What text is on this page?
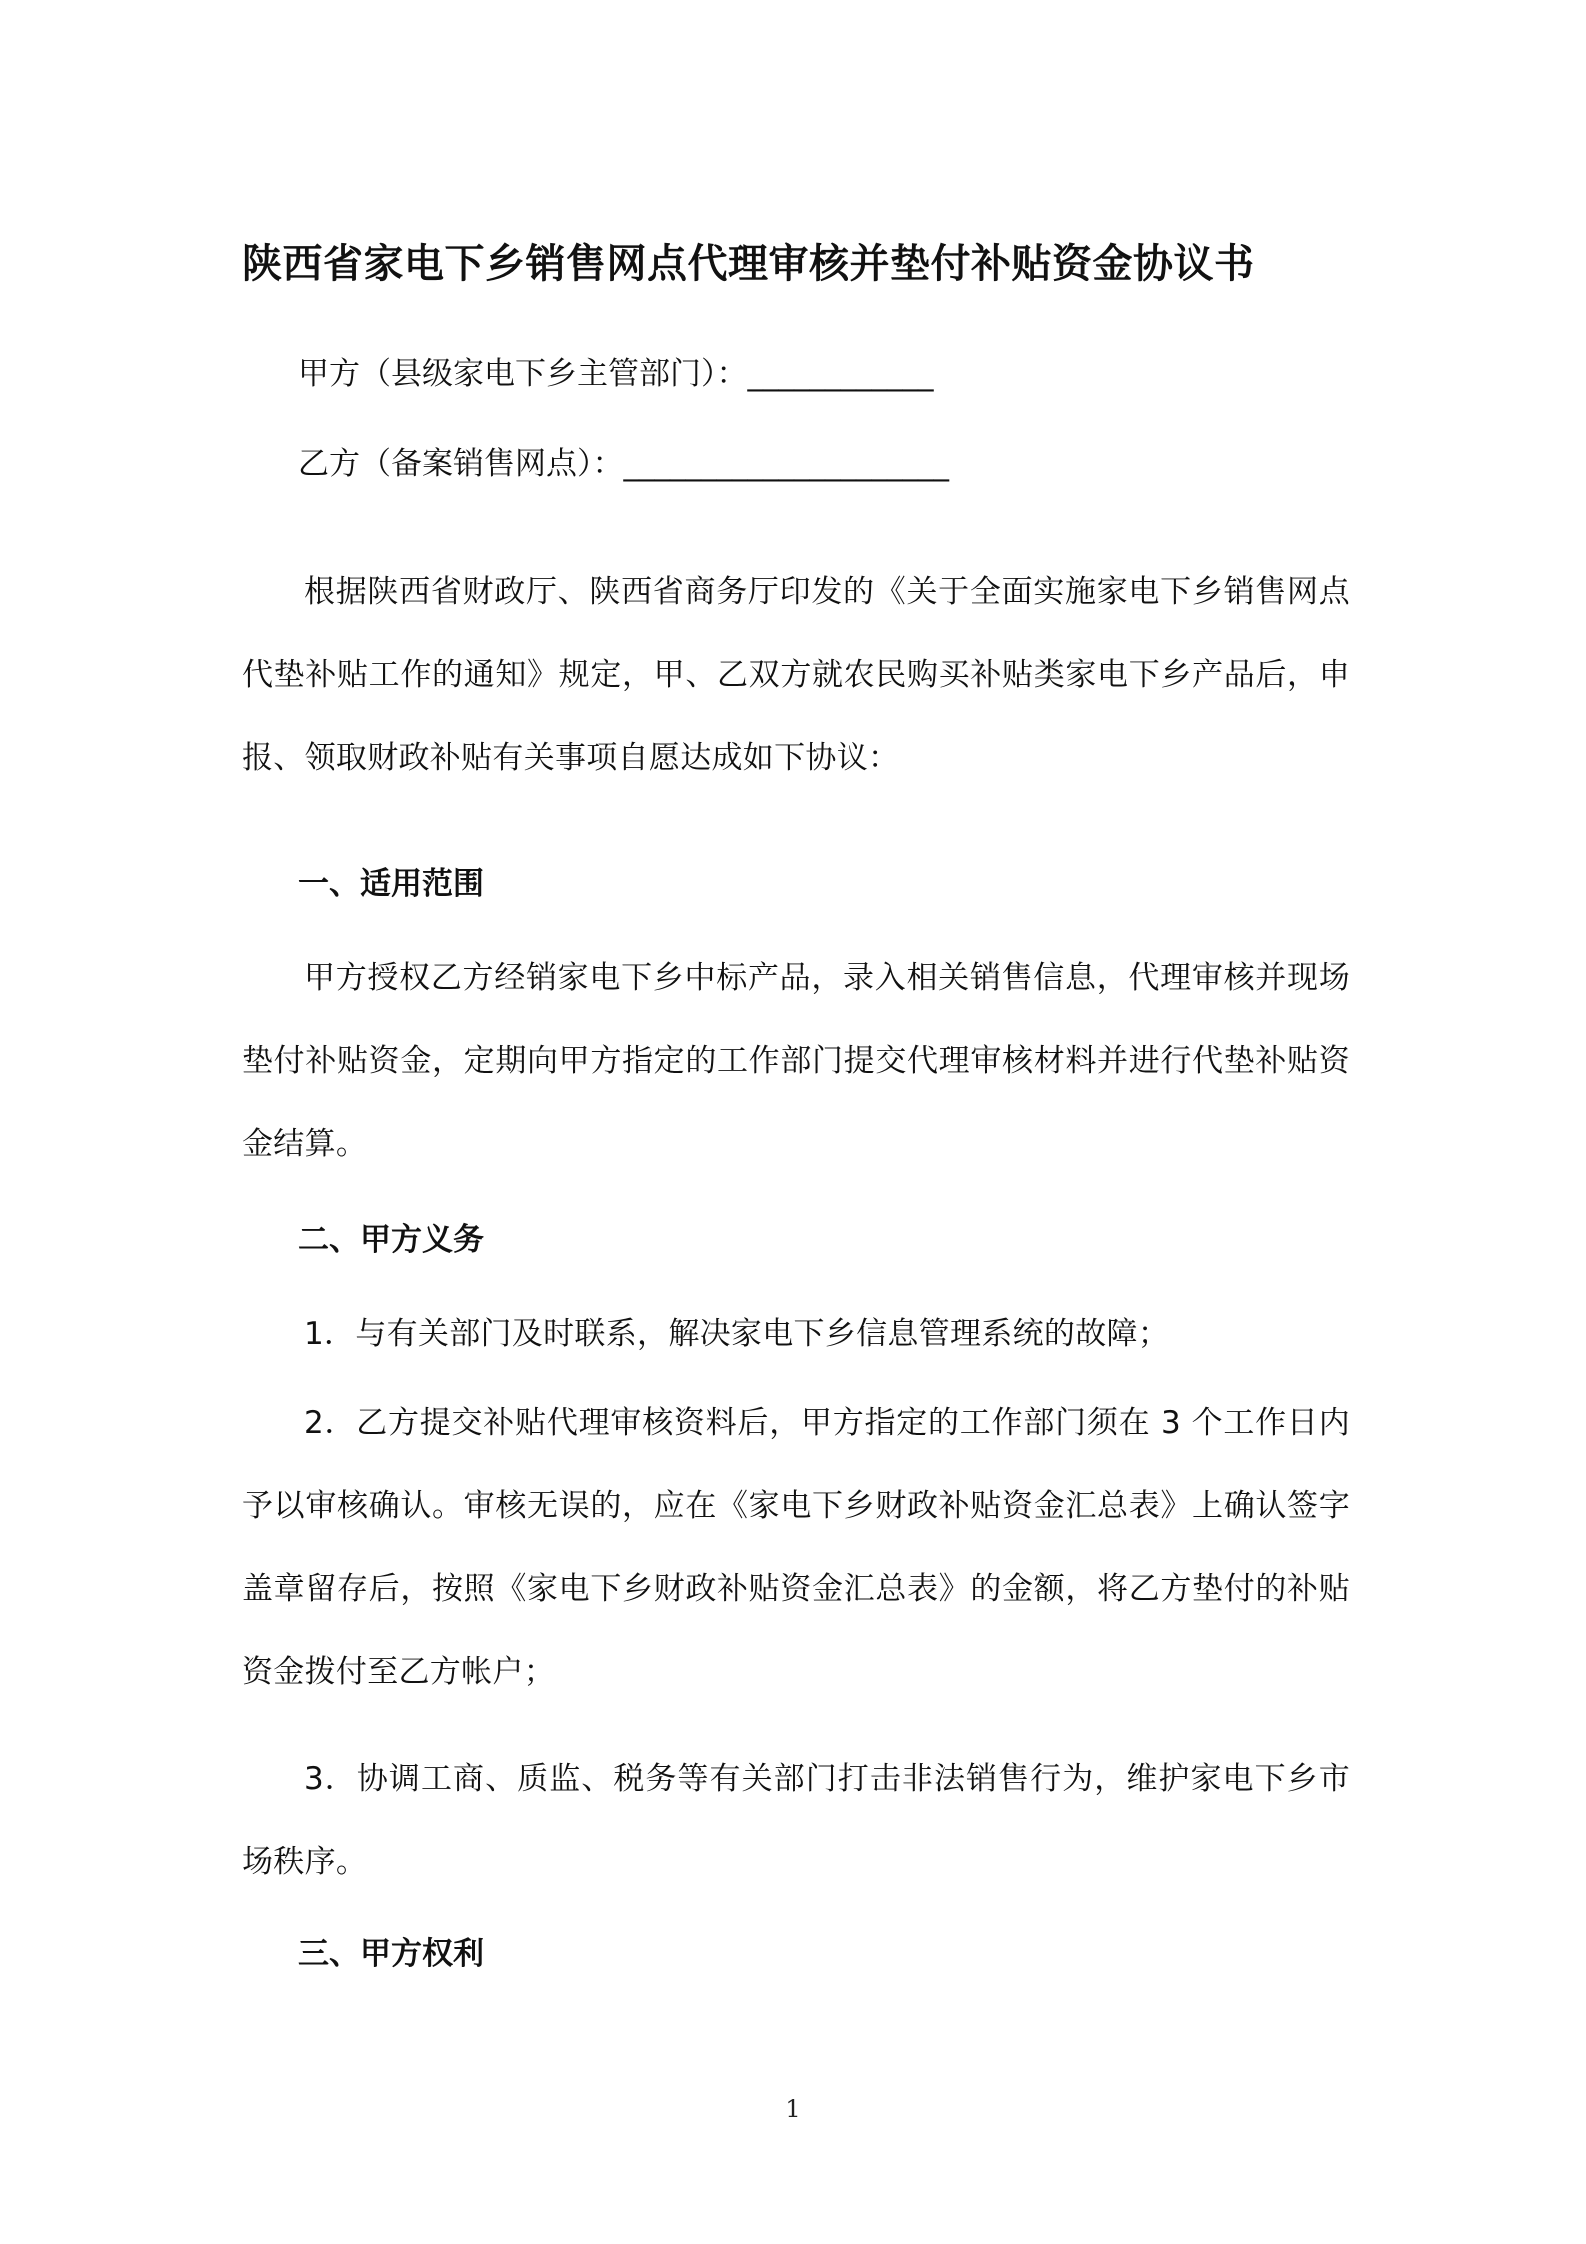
陕西省家电下乡销售网点代理审核并垫付补贴资金协议书
甲方（县级家电下乡主管部门）：____________
乙方（备案销售网点）：_____________________
根据陕西省财政厅、陕西省商务厅印发的《关于全面实施家电下乡销售网点代垫补贴工作的通知》规定，甲、乙双方就农民购买补贴类家电下乡产品后，申报、领取财政补贴有关事项自愿达成如下协议：
一、适用范围
甲方授权乙方经销家电下乡中标产品，录入相关销售信息，代理审核并现场垫付补贴资金，定期向甲方指定的工作部门提交代理审核材料并进行代垫补贴资金结算。
二、甲方义务
1．与有关部门及时联系，解决家电下乡信息管理系统的故障；
2．乙方提交补贴代理审核资料后，甲方指定的工作部门须在 3 个工作日内予以审核确认。审核无误的，应在《家电下乡财政补贴资金汇总表》上确认签字盖章留存后，按照《家电下乡财政补贴资金汇总表》的金额，将乙方垫付的补贴资金拨付至乙方帐户；
3．协调工商、质监、税务等有关部门打击非法销售行为，维护家电下乡市场秩序。
三、甲方权利
1
